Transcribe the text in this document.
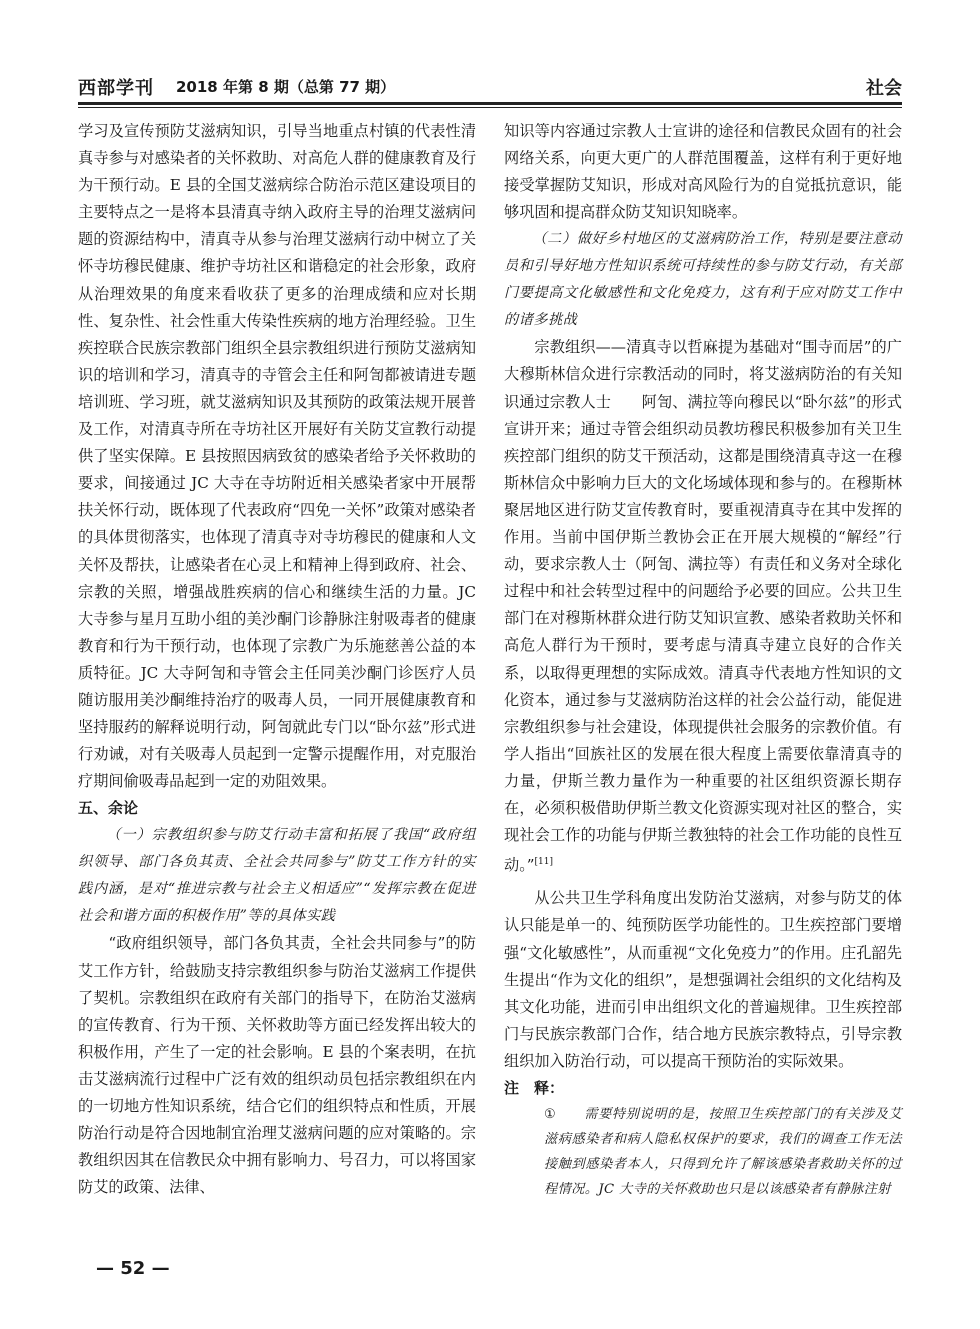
西部学刊 2018 年第 8 期（总第 77 期）	社会

学习及宣传预防艾滋病知识，引导当地重点村镇的代表性清真寺参与对感染者的关怀救助、对高危人群的健康教育及行为干预行动。E 县的全国艾滋病综合防治示范区建设项目的主要特点之一是将本县清真寺纳入政府主导的治理艾滋病问题的资源结构中，清真寺从参与治理艾滋病行动中树立了关怀寺坊穆民健康、维护寺坊社区和谐稳定的社会形象，政府从治理效果的角度来看收获了更多的治理成绩和应对长期性、复杂性、社会性重大传染性疾病的地方治理经验。卫生疾控联合民族宗教部门组织全县宗教组织进行预防艾滋病知识的培训和学习，清真寺的寺管会主任和阿訇都被请进专题培训班、学习班，就艾滋病知识及其预防的政策法规开展普及工作，对清真寺所在寺坊社区开展好有关防艾宣教行动提供了坚实保障。E 县按照因病致贫的感染者给予关怀救助的要求，间接通过 JC 大寺在寺坊附近相关感染者家中开展帮扶关怀行动，既体现了代表政府“四免一关怀”政策对感染者的具体贯彻落实，也体现了清真寺对寺坊穆民的健康和人文关怀及帮扶，让感染者在心灵上和精神上得到政府、社会、宗教的关照，增强战胜疾病的信心和继续生活的力量。JC 大寺参与星月互助小组的美沙酮门诊静脉注射吸毒者的健康教育和行为干预行动，也体现了宗教广为乐施慈善公益的本质特征。JC 大寺阿訇和寺管会主任同美沙酮门诊医疗人员随访服用美沙酮维持治疗的吸毒人员，一同开展健康教育和坚持服药的解释说明行动，阿訇就此专门以“卧尔兹”形式进行劝诫，对有关吸毒人员起到一定警示提醒作用，对克服治疗期间偷吸毒品起到一定的劝阻效果。

五、余论

（一）宗教组织参与防艾行动丰富和拓展了我国“政府组织领导、部门各负其责、全社会共同参与”防艾工作方针的实践内涵，是对“推进宗教与社会主义相适应”“发挥宗教在促进社会和谐方面的积极作用”等的具体实践

“政府组织领导，部门各负其责，全社会共同参与”的防艾工作方针，给鼓励支持宗教组织参与防治艾滋病工作提供了契机。宗教组织在政府有关部门的指导下，在防治艾滋病的宣传教育、行为干预、关怀救助等方面已经发挥出较大的积极作用，产生了一定的社会影响。E 县的个案表明，在抗击艾滋病流行过程中广泛有效的组织动员包括宗教组织在内的一切地方性知识系统，结合它们的组织特点和性质，开展防治行动是符合因地制宜治理艾滋病问题的应对策略的。宗教组织因其在信教民众中拥有影响力、号召力，可以将国家防艾的政策、法律、

知识等内容通过宗教人士宣讲的途径和信教民众固有的社会网络关系，向更大更广的人群范围覆盖，这样有利于更好地接受掌握防艾知识，形成对高风险行为的自觉抵抗意识，能够巩固和提高群众防艾知识知晓率。

（二）做好乡村地区的艾滋病防治工作，特别是要注意动员和引导好地方性知识系统可持续性的参与防艾行动，有关部门要提高文化敏感性和文化免疫力，这有利于应对防艾工作中的诸多挑战

宗教组织——清真寺以哲麻提为基础对“围寺而居”的广大穆斯林信众进行宗教活动的同时，将艾滋病防治的有关知识通过宗教人士　　阿訇、满拉等向穆民以“卧尔兹”的形式宣讲开来；通过寺管会组织动员教坊穆民积极参加有关卫生疾控部门组织的防艾干预活动，这都是围绕清真寺这一在穆斯林信众中影响力巨大的文化场域体现和参与的。在穆斯林聚居地区进行防艾宣传教育时，要重视清真寺在其中发挥的作用。当前中国伊斯兰教协会正在开展大规模的“解经”行动，要求宗教人士（阿訇、满拉等）有责任和义务对全球化过程中和社会转型过程中的问题给予必要的回应。公共卫生部门在对穆斯林群众进行防艾知识宣教、感染者救助关怀和高危人群行为干预时，要考虑与清真寺建立良好的合作关系，以取得更理想的实际成效。清真寺代表地方性知识的文化资本，通过参与艾滋病防治这样的社会公益行动，能促进宗教组织参与社会建设，体现提供社会服务的宗教价值。有学人指出“回族社区的发展在很大程度上需要依靠清真寺的力量，伊斯兰教力量作为一种重要的社区组织资源长期存在，必须积极借助伊斯兰教文化资源实现对社区的整合，实现社会工作的功能与伊斯兰教独特的社会工作功能的良性互动。”[11]

从公共卫生学科角度出发防治艾滋病，对参与防艾的体认只能是单一的、纯预防医学功能性的。卫生疾控部门要增强“文化敏感性”，从而重视“文化免疫力”的作用。庄孔韶先生提出“作为文化的组织”，是想强调社会组织的文化结构及其文化功能，进而引申出组织文化的普遍规律。卫生疾控部门与民族宗教部门合作，结合地方民族宗教特点，引导宗教组织加入防治行动，可以提高干预防治的实际效果。

注　释：

① 需要特别说明的是，按照卫生疾控部门的有关涉及艾滋病感染者和病人隐私权保护的要求，我们的调查工作无法接触到感染者本人，只得到允许了解该感染者救助关怀的过程情况。JC 大寺的关怀救助也只是以该感染者有静脉注射

— 52 —
